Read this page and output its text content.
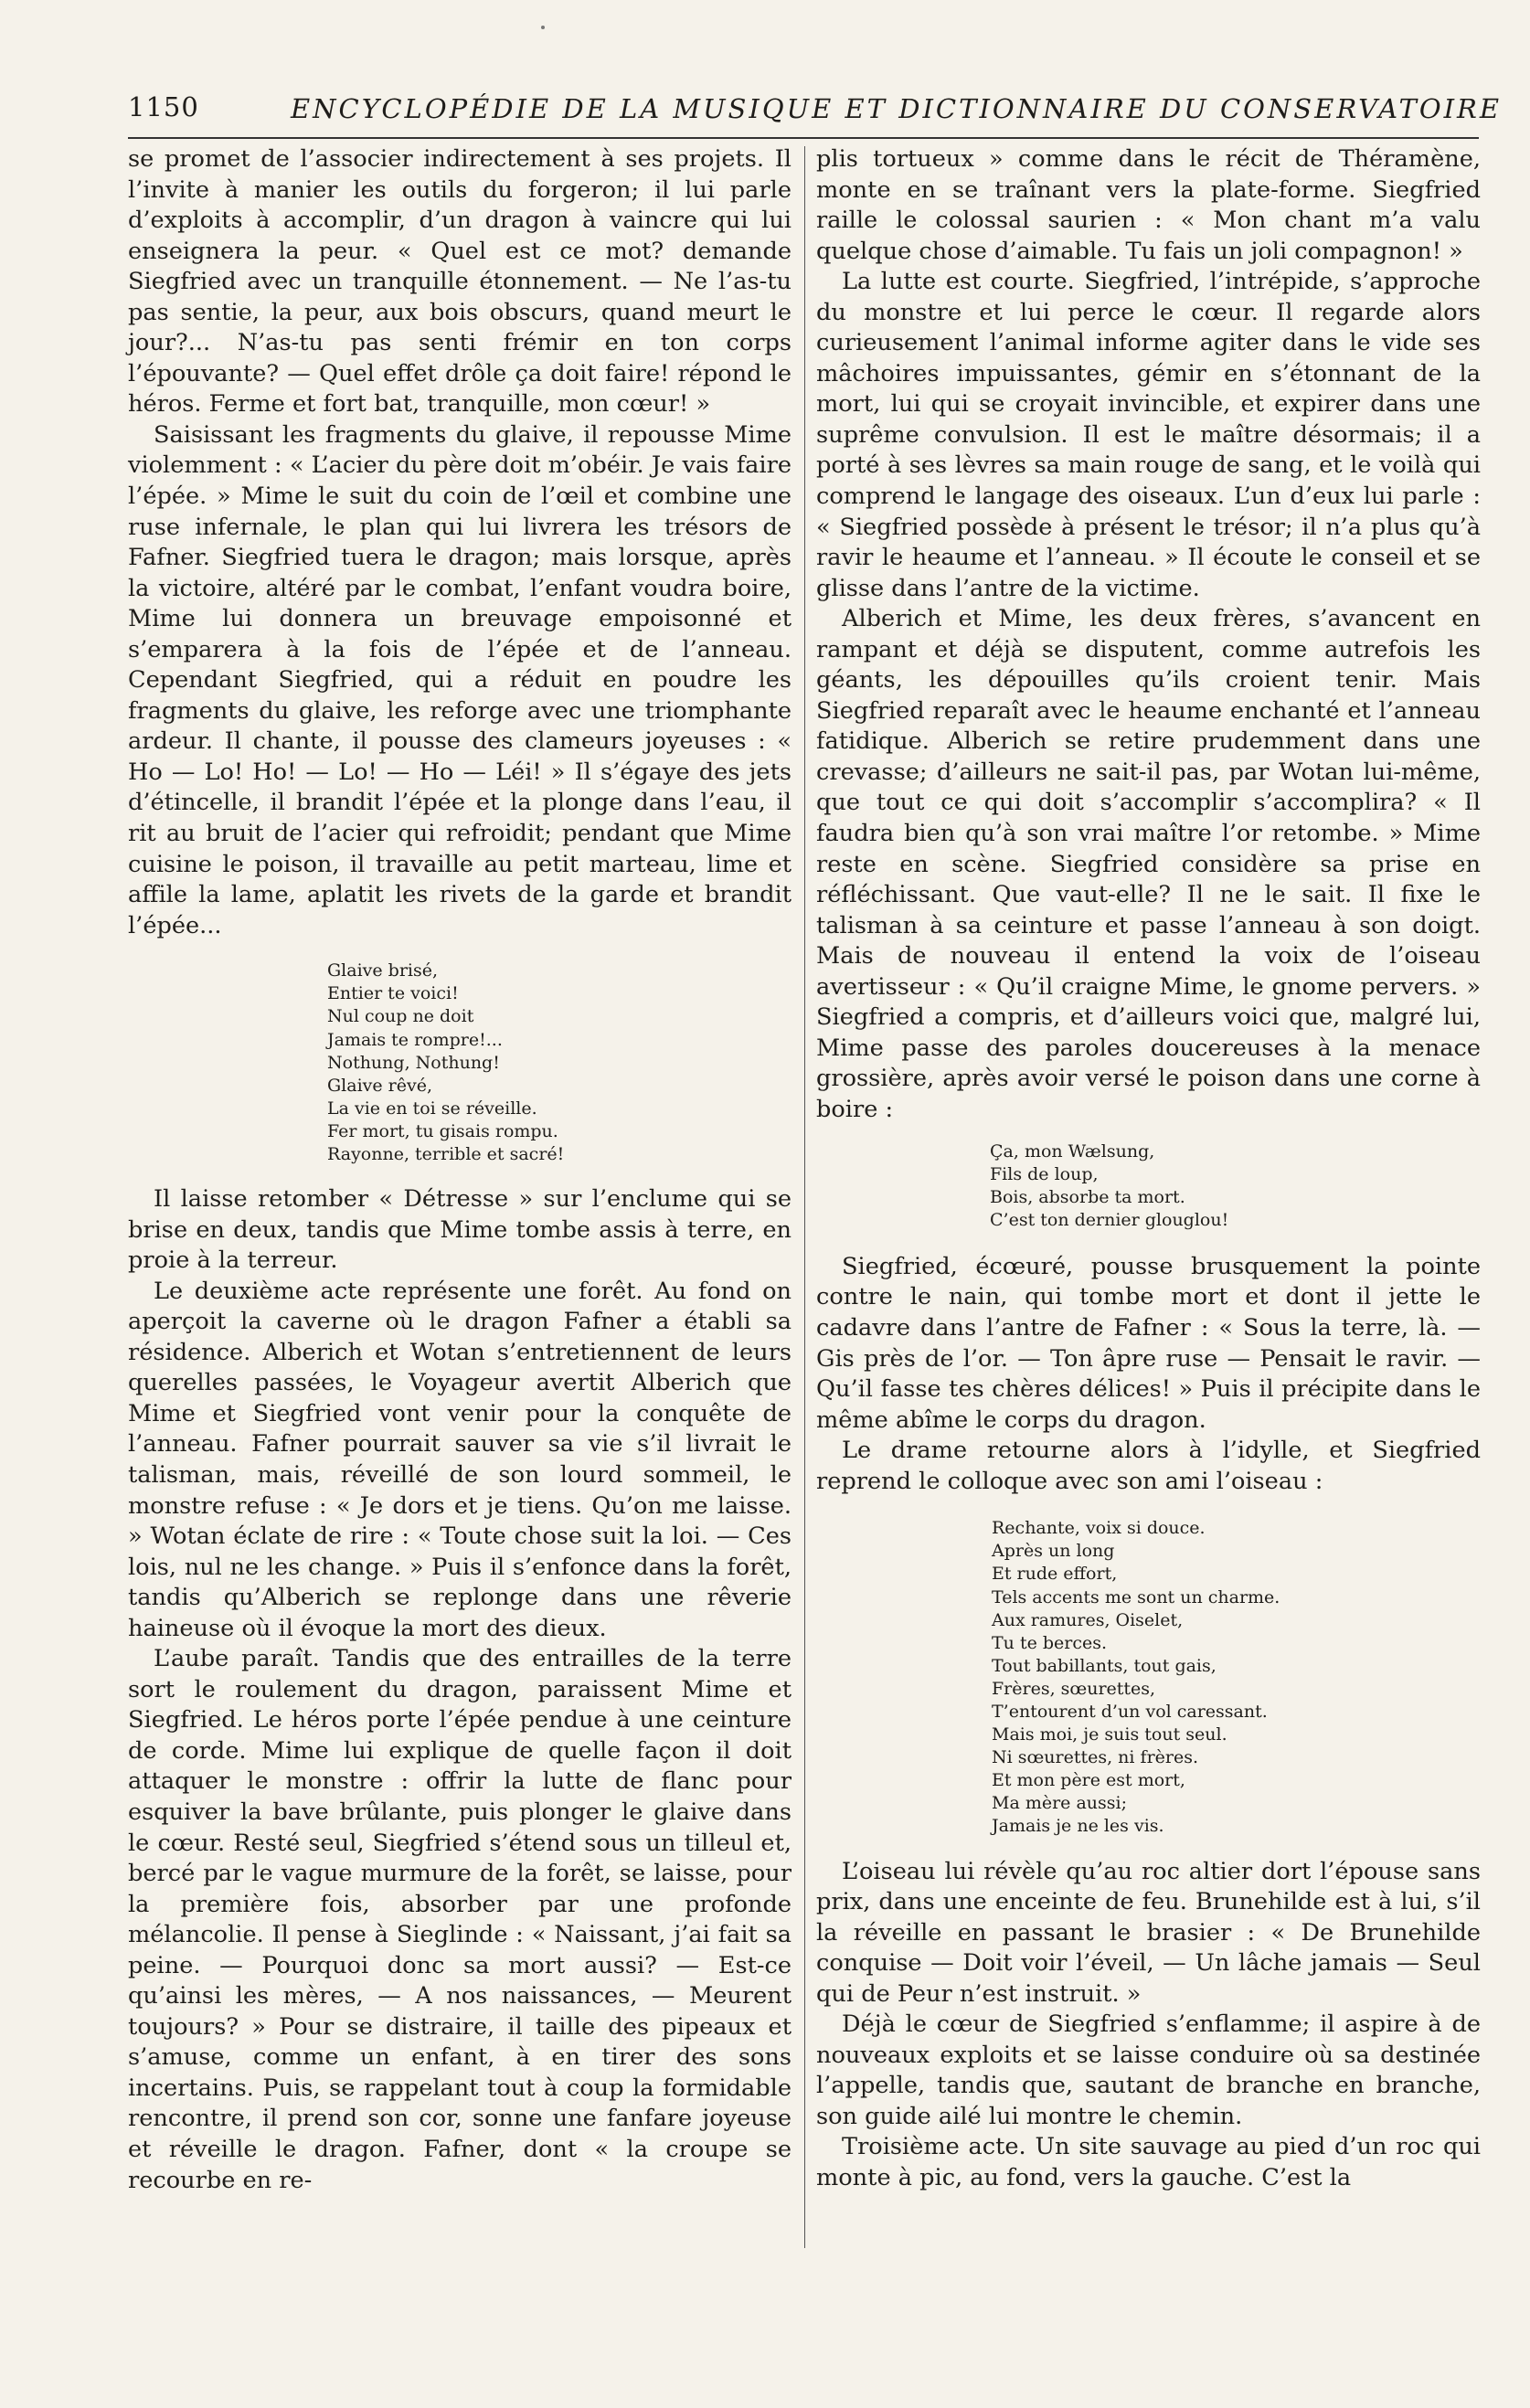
1150	ENCYCLOPÉDIE DE LA MUSIQUE ET DICTIONNAIRE DU CONSERVATOIRE

se promet de l’associer indirectement à ses projets. Il l’invite à manier les outils du forgeron; il lui parle d’exploits à accomplir, d’un dragon à vaincre qui lui enseignera la peur. « Quel est ce mot? demande Siegfried avec un tranquille étonnement. — Ne l’as-tu pas sentie, la peur, aux bois obscurs, quand meurt le jour?... N’as-tu pas senti frémir en ton corps l’épouvante? — Quel effet drôle ça doit faire! répond le héros. Ferme et fort bat, tranquille, mon cœur! »

Saisissant les fragments du glaive, il repousse Mime violemment : « L’acier du père doit m’obéir. Je vais faire l’épée. » Mime le suit du coin de l’œil et combine une ruse infernale, le plan qui lui livrera les trésors de Fafner. Siegfried tuera le dragon; mais lorsque, après la victoire, altéré par le combat, l’enfant voudra boire, Mime lui donnera un breuvage empoisonné et s’emparera à la fois de l’épée et de l’anneau. Cependant Siegfried, qui a réduit en poudre les fragments du glaive, les reforge avec une triomphante ardeur. Il chante, il pousse des clameurs joyeuses : « Ho — Lo! Ho! — Lo! — Ho — Léi! » Il s’égaye des jets d’étincelle, il brandit l’épée et la plonge dans l’eau, il rit au bruit de l’acier qui refroidit; pendant que Mime cuisine le poison, il travaille au petit marteau, lime et affile la lame, aplatit les rivets de la garde et brandit l’épée...

Glaive brisé,
Entier te voici!
Nul coup ne doit
Jamais te rompre!...
Nothung, Nothung!
Glaive rêvé,
La vie en toi se réveille.
Fer mort, tu gisais rompu.
Rayonne, terrible et sacré!

Il laisse retomber « Détresse » sur l’enclume qui se brise en deux, tandis que Mime tombe assis à terre, en proie à la terreur.

Le deuxième acte représente une forêt. Au fond on aperçoit la caverne où le dragon Fafner a établi sa résidence. Alberich et Wotan s’entretiennent de leurs querelles passées, le Voyageur avertit Alberich que Mime et Siegfried vont venir pour la conquête de l’anneau. Fafner pourrait sauver sa vie s’il livrait le talisman, mais, réveillé de son lourd sommeil, le monstre refuse : « Je dors et je tiens. Qu’on me laisse. » Wotan éclate de rire : « Toute chose suit la loi. — Ces lois, nul ne les change. » Puis il s’enfonce dans la forêt, tandis qu’Alberich se replonge dans une rêverie haineuse où il évoque la mort des dieux.

L’aube paraît. Tandis que des entrailles de la terre sort le roulement du dragon, paraissent Mime et Siegfried. Le héros porte l’épée pendue à une ceinture de corde. Mime lui explique de quelle façon il doit attaquer le monstre : offrir la lutte de flanc pour esquiver la bave brûlante, puis plonger le glaive dans le cœur. Resté seul, Siegfried s’étend sous un tilleul et, bercé par le vague murmure de la forêt, se laisse, pour la première fois, absorber par une profonde mélancolie. Il pense à Sieglinde : « Naissant, j’ai fait sa peine. — Pourquoi donc sa mort aussi? — Est-ce qu’ainsi les mères, — A nos naissances, — Meurent toujours? » Pour se distraire, il taille des pipeaux et s’amuse, comme un enfant, à en tirer des sons incertains. Puis, se rappelant tout à coup la formidable rencontre, il prend son cor, sonne une fanfare joyeuse et réveille le dragon. Fafner, dont « la croupe se recourbe en re-

plis tortueux » comme dans le récit de Théramène, monte en se traînant vers la plate-forme. Siegfried raille le colossal saurien : « Mon chant m’a valu quelque chose d’aimable. Tu fais un joli compagnon! »

La lutte est courte. Siegfried, l’intrépide, s’approche du monstre et lui perce le cœur. Il regarde alors curieusement l’animal informe agiter dans le vide ses mâchoires impuissantes, gémir en s’étonnant de la mort, lui qui se croyait invincible, et expirer dans une suprême convulsion. Il est le maître désormais; il a porté à ses lèvres sa main rouge de sang, et le voilà qui comprend le langage des oiseaux. L’un d’eux lui parle : « Siegfried possède à présent le trésor; il n’a plus qu’à ravir le heaume et l’anneau. » Il écoute le conseil et se glisse dans l’antre de la victime.

Alberich et Mime, les deux frères, s’avancent en rampant et déjà se disputent, comme autrefois les géants, les dépouilles qu’ils croient tenir. Mais Siegfried reparaît avec le heaume enchanté et l’anneau fatidique. Alberich se retire prudemment dans une crevasse; d’ailleurs ne sait-il pas, par Wotan lui-même, que tout ce qui doit s’accomplir s’accomplira? « Il faudra bien qu’à son vrai maître l’or retombe. » Mime reste en scène. Siegfried considère sa prise en réfléchissant. Que vaut-elle? Il ne le sait. Il fixe le talisman à sa ceinture et passe l’anneau à son doigt. Mais de nouveau il entend la voix de l’oiseau avertisseur : « Qu’il craigne Mime, le gnome pervers. » Siegfried a compris, et d’ailleurs voici que, malgré lui, Mime passe des paroles doucereuses à la menace grossière, après avoir versé le poison dans une corne à boire :

Ça, mon Wælsung,
Fils de loup,
Bois, absorbe ta mort.
C’est ton dernier glouglou!

Siegfried, écœuré, pousse brusquement la pointe contre le nain, qui tombe mort et dont il jette le cadavre dans l’antre de Fafner : « Sous la terre, là. — Gis près de l’or. — Ton âpre ruse — Pensait le ravir. — Qu’il fasse tes chères délices! » Puis il précipite dans le même abîme le corps du dragon.

Le drame retourne alors à l’idylle, et Siegfried reprend le colloque avec son ami l’oiseau :

Rechante, voix si douce.
Après un long
Et rude effort,
Tels accents me sont un charme.
Aux ramures, Oiselet,
Tu te berces.
Tout babillants, tout gais,
Frères, sœurettes,
T’entourent d’un vol caressant.
Mais moi, je suis tout seul.
Ni sœurettes, ni frères.
Et mon père est mort,
Ma mère aussi;
Jamais je ne les vis.

L’oiseau lui révèle qu’au roc altier dort l’épouse sans prix, dans une enceinte de feu. Brunehilde est à lui, s’il la réveille en passant le brasier : « De Brunehilde conquise — Doit voir l’éveil, — Un lâche jamais — Seul qui de Peur n’est instruit. »

Déjà le cœur de Siegfried s’enflamme; il aspire à de nouveaux exploits et se laisse conduire où sa destinée l’appelle, tandis que, sautant de branche en branche, son guide ailé lui montre le chemin.

Troisième acte. Un site sauvage au pied d’un roc qui monte à pic, au fond, vers la gauche. C’est la
